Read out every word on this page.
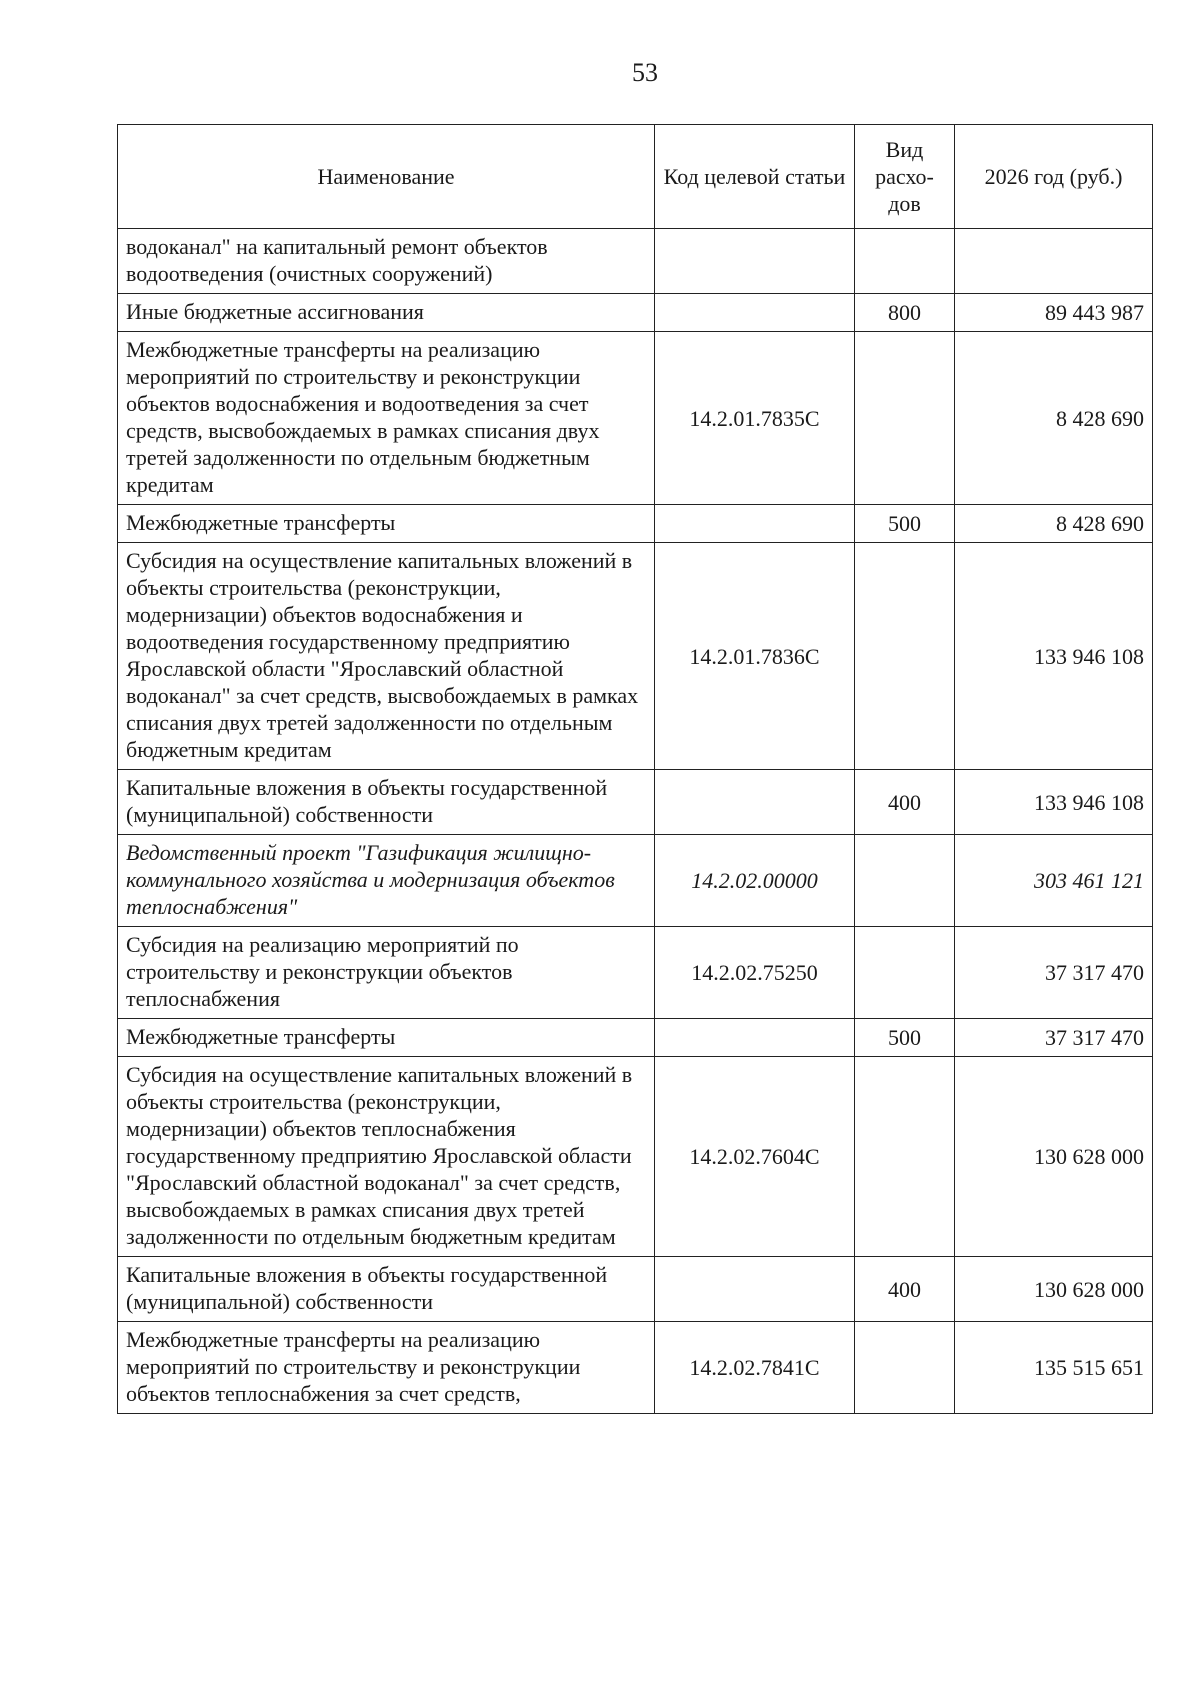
53
Наименование	Код целевой статьи	Вид расхо-дов	2026 год (руб.)
водоканал" на капитальный ремонт объектов водоотведения (очистных сооружений)			
Иные бюджетные ассигнования		800	89 443 987
Межбюджетные трансферты на реализацию мероприятий по строительству и реконструкции объектов водоснабжения и водоотведения за счет средств, высвобождаемых в рамках списания двух третей задолженности по отдельным бюджетным кредитам	14.2.01.7835С		8 428 690
Межбюджетные трансферты		500	8 428 690
Субсидия на осуществление капитальных вложений в объекты строительства (реконструкции, модернизации) объектов водоснабжения и водоотведения государственному предприятию Ярославской области "Ярославский областной водоканал" за счет средств, высвобождаемых в рамках списания двух третей задолженности по отдельным бюджетным кредитам	14.2.01.7836С		133 946 108
Капитальные вложения в объекты государственной (муниципальной) собственности		400	133 946 108
Ведомственный проект "Газификация жилищно-коммунального хозяйства и модернизация объектов теплоснабжения"	14.2.02.00000		303 461 121
Субсидия на реализацию мероприятий по строительству и реконструкции объектов теплоснабжения	14.2.02.75250		37 317 470
Межбюджетные трансферты		500	37 317 470
Субсидия на осуществление капитальных вложений в объекты строительства (реконструкции, модернизации) объектов теплоснабжения государственному предприятию Ярославской области "Ярославский областной водоканал" за счет средств, высвобождаемых в рамках списания двух третей задолженности по отдельным бюджетным кредитам	14.2.02.7604С		130 628 000
Капитальные вложения в объекты государственной (муниципальной) собственности		400	130 628 000
Межбюджетные трансферты на реализацию мероприятий по строительству и реконструкции объектов теплоснабжения за счет средств,	14.2.02.7841С		135 515 651
